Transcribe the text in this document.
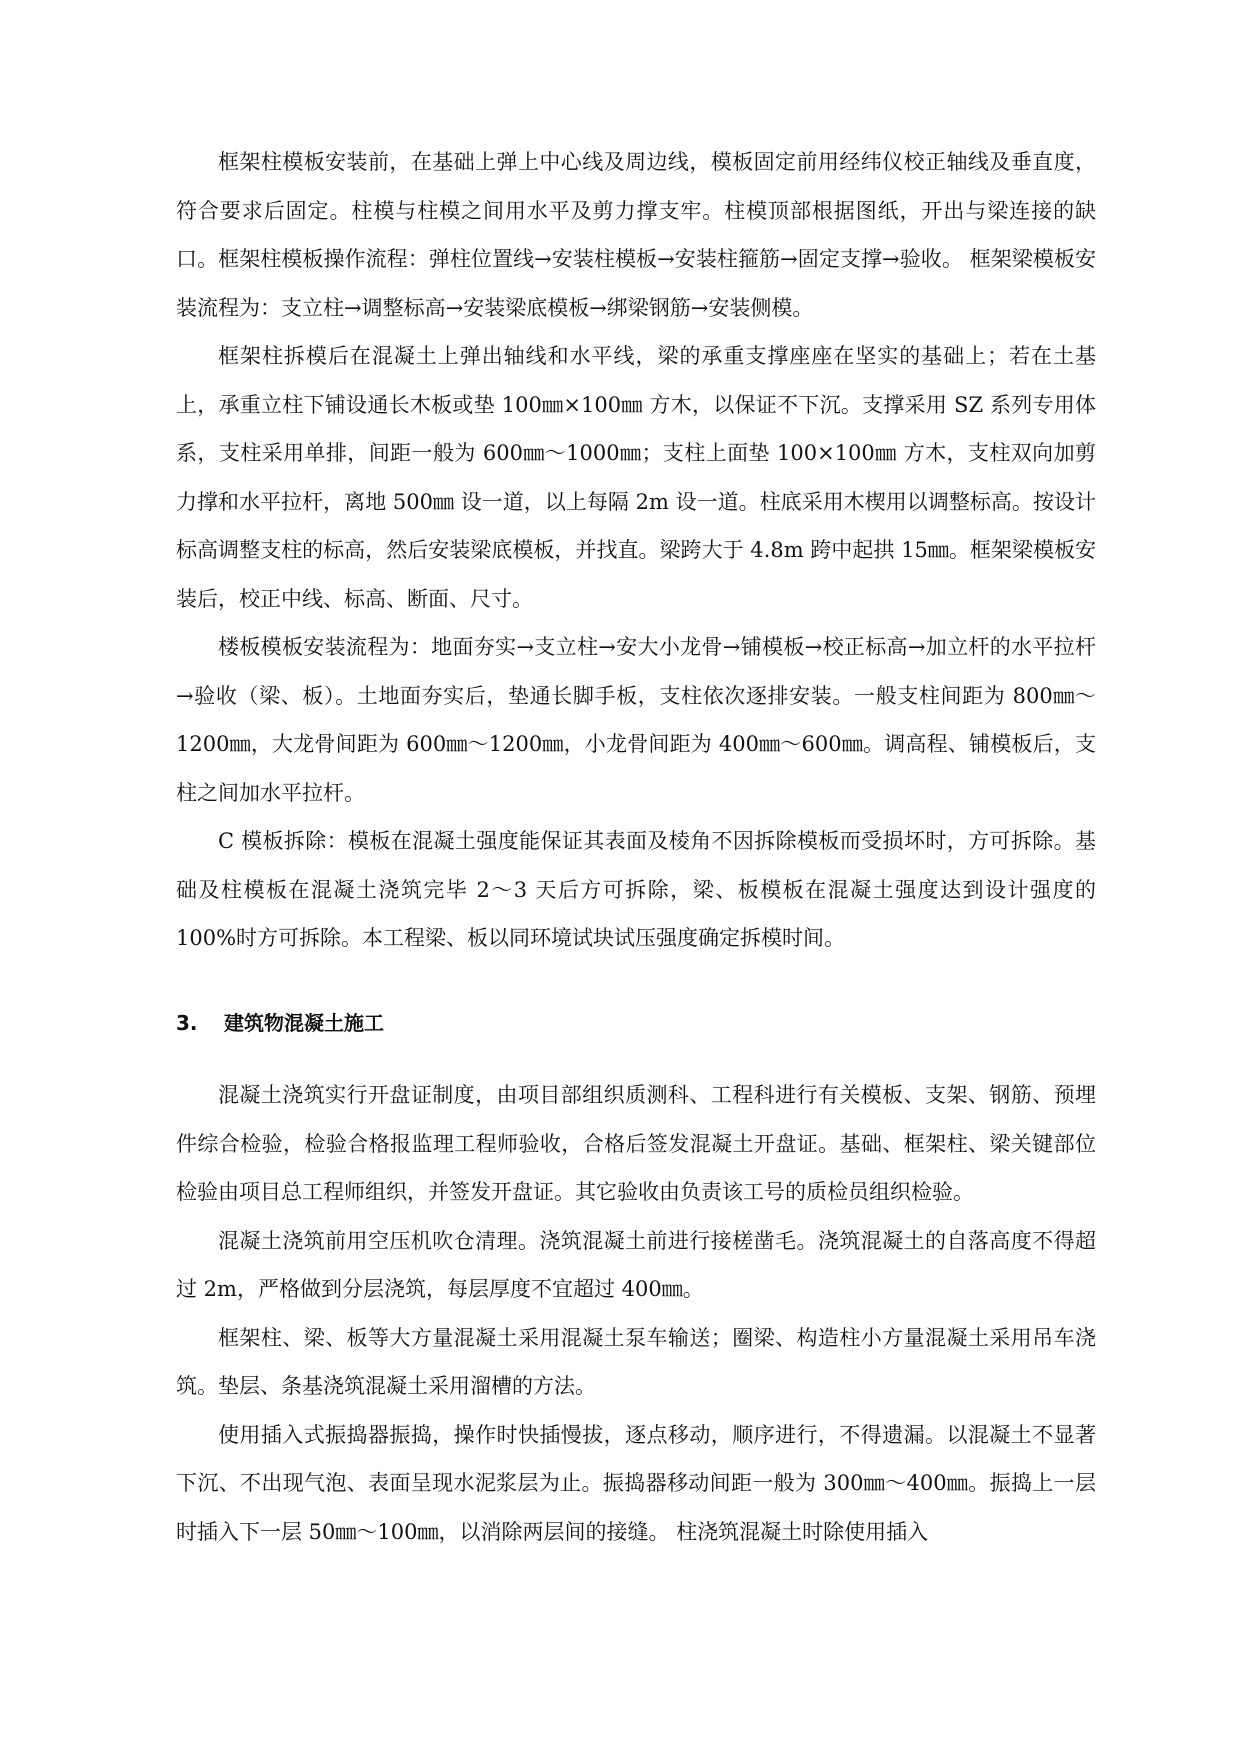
框架柱模板安装前，在基础上弹上中心线及周边线，模板固定前用经纬仪校正轴线及垂直度，符合要求后固定。柱模与柱模之间用水平及剪力撑支牢。柱模顶部根据图纸，开出与梁连接的缺口。框架柱模板操作流程：弹柱位置线→安装柱模板→安装柱箍筋→固定支撑→验收。 框架梁模板安装流程为：支立柱→调整标高→安装梁底模板→绑梁钢筋→安装侧模。

框架柱拆模后在混凝土上弹出轴线和水平线，梁的承重支撑座座在坚实的基础上；若在土基上，承重立柱下铺设通长木板或垫 100㎜×100㎜ 方木，以保证不下沉。支撑采用 SZ 系列专用体系，支柱采用单排，间距一般为 600㎜～1000㎜；支柱上面垫 100×100㎜ 方木，支柱双向加剪力撑和水平拉杆，离地 500㎜ 设一道，以上每隔 2m 设一道。柱底采用木楔用以调整标高。按设计标高调整支柱的标高，然后安装梁底模板，并找直。梁跨大于 4.8m 跨中起拱 15㎜。框架梁模板安装后，校正中线、标高、断面、尺寸。

楼板模板安装流程为：地面夯实→支立柱→安大小龙骨→铺模板→校正标高→加立杆的水平拉杆→验收（梁、板）。土地面夯实后，垫通长脚手板，支柱依次逐排安装。一般支柱间距为 800㎜～1200㎜，大龙骨间距为 600㎜～1200㎜，小龙骨间距为 400㎜～600㎜。调高程、铺模板后，支柱之间加水平拉杆。

C 模板拆除：模板在混凝土强度能保证其表面及棱角不因拆除模板而受损坏时，方可拆除。基础及柱模板在混凝土浇筑完毕 2～3 天后方可拆除，梁、板模板在混凝土强度达到设计强度的 100%时方可拆除。本工程梁、板以同环境试块试压强度确定拆模时间。

3.	建筑物混凝土施工

混凝土浇筑实行开盘证制度，由项目部组织质测科、工程科进行有关模板、支架、钢筋、预埋件综合检验，检验合格报监理工程师验收，合格后签发混凝土开盘证。基础、框架柱、梁关键部位检验由项目总工程师组织，并签发开盘证。其它验收由负责该工号的质检员组织检验。

混凝土浇筑前用空压机吹仓清理。浇筑混凝土前进行接槎凿毛。浇筑混凝土的自落高度不得超过 2m，严格做到分层浇筑，每层厚度不宜超过 400㎜。

框架柱、梁、板等大方量混凝土采用混凝土泵车输送；圈梁、构造柱小方量混凝土采用吊车浇筑。垫层、条基浇筑混凝土采用溜槽的方法。

使用插入式振捣器振捣，操作时快插慢拔，逐点移动，顺序进行，不得遗漏。以混凝土不显著下沉、不出现气泡、表面呈现水泥浆层为止。振捣器移动间距一般为 300㎜～400㎜。振捣上一层时插入下一层 50㎜～100㎜，以消除两层间的接缝。 柱浇筑混凝土时除使用插入
